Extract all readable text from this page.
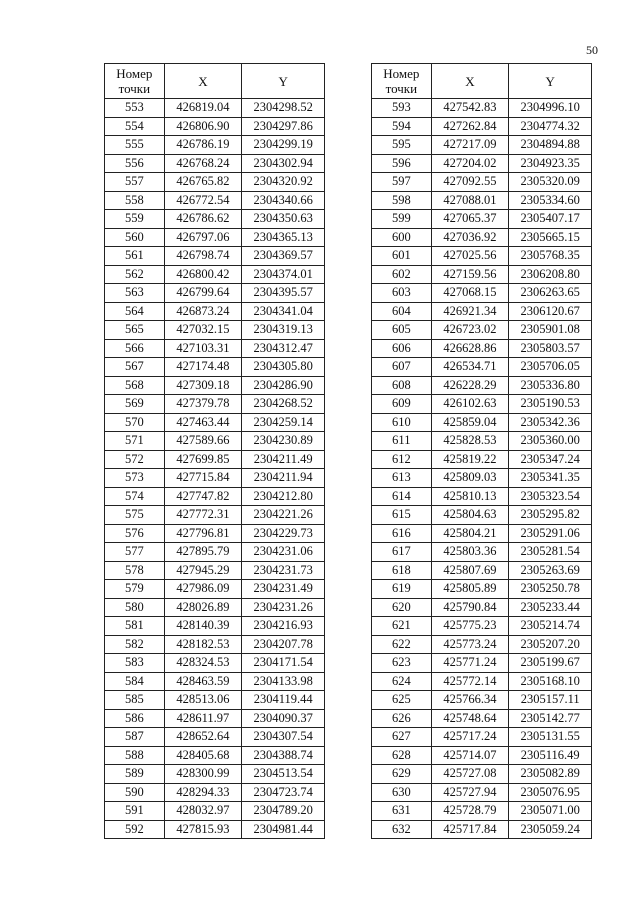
50
Номер
точки	X	Y
553	426819.04	2304298.52
554	426806.90	2304297.86
555	426786.19	2304299.19
556	426768.24	2304302.94
557	426765.82	2304320.92
558	426772.54	2304340.66
559	426786.62	2304350.63
560	426797.06	2304365.13
561	426798.74	2304369.57
562	426800.42	2304374.01
563	426799.64	2304395.57
564	426873.24	2304341.04
565	427032.15	2304319.13
566	427103.31	2304312.47
567	427174.48	2304305.80
568	427309.18	2304286.90
569	427379.78	2304268.52
570	427463.44	2304259.14
571	427589.66	2304230.89
572	427699.85	2304211.49
573	427715.84	2304211.94
574	427747.82	2304212.80
575	427772.31	2304221.26
576	427796.81	2304229.73
577	427895.79	2304231.06
578	427945.29	2304231.73
579	427986.09	2304231.49
580	428026.89	2304231.26
581	428140.39	2304216.93
582	428182.53	2304207.78
583	428324.53	2304171.54
584	428463.59	2304133.98
585	428513.06	2304119.44
586	428611.97	2304090.37
587	428652.64	2304307.54
588	428405.68	2304388.74
589	428300.99	2304513.54
590	428294.33	2304723.74
591	428032.97	2304789.20
592	427815.93	2304981.44
Номер
точки	X	Y
593	427542.83	2304996.10
594	427262.84	2304774.32
595	427217.09	2304894.88
596	427204.02	2304923.35
597	427092.55	2305320.09
598	427088.01	2305334.60
599	427065.37	2305407.17
600	427036.92	2305665.15
601	427025.56	2305768.35
602	427159.56	2306208.80
603	427068.15	2306263.65
604	426921.34	2306120.67
605	426723.02	2305901.08
606	426628.86	2305803.57
607	426534.71	2305706.05
608	426228.29	2305336.80
609	426102.63	2305190.53
610	425859.04	2305342.36
611	425828.53	2305360.00
612	425819.22	2305347.24
613	425809.03	2305341.35
614	425810.13	2305323.54
615	425804.63	2305295.82
616	425804.21	2305291.06
617	425803.36	2305281.54
618	425807.69	2305263.69
619	425805.89	2305250.78
620	425790.84	2305233.44
621	425775.23	2305214.74
622	425773.24	2305207.20
623	425771.24	2305199.67
624	425772.14	2305168.10
625	425766.34	2305157.11
626	425748.64	2305142.77
627	425717.24	2305131.55
628	425714.07	2305116.49
629	425727.08	2305082.89
630	425727.94	2305076.95
631	425728.79	2305071.00
632	425717.84	2305059.24
